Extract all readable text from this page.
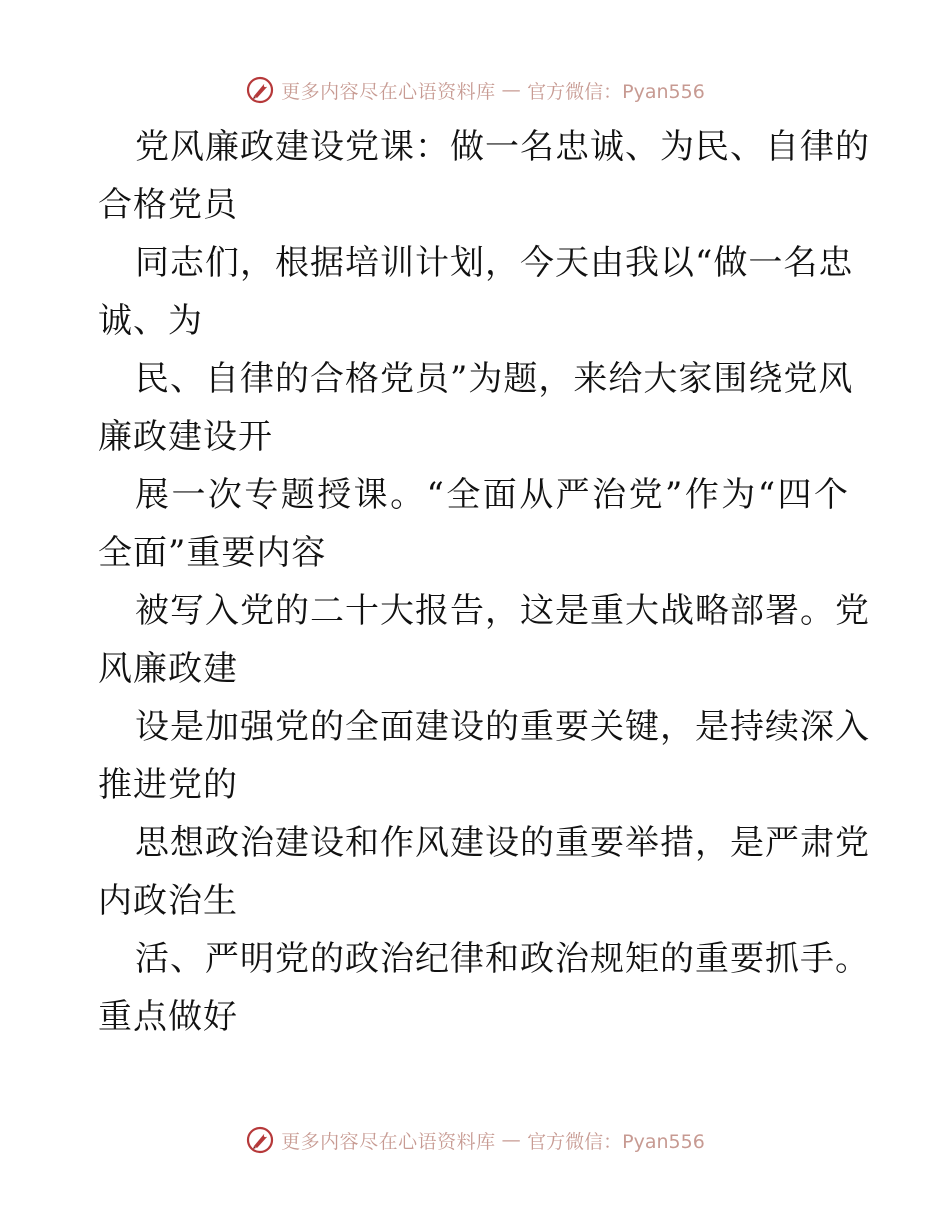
更多内容尽在心语资料库 — 官方微信：Pyan556
党风廉政建设党课：做一名忠诚、为民、自律的
合格党员
同志们，根据培训计划，今天由我以“做一名忠
诚、为
民、自律的合格党员”为题，来给大家围绕党风
廉政建设开
展一次专题授课。“全面从严治党”作为“四个
全面”重要内容
被写入党的二十大报告，这是重大战略部署。党
风廉政建
设是加强党的全面建设的重要关键，是持续深入
推进党的
思想政治建设和作风建设的重要举措，是严肃党
内政治生
活、严明党的政治纪律和政治规矩的重要抓手。
重点做好
更多内容尽在心语资料库 — 官方微信：Pyan556
